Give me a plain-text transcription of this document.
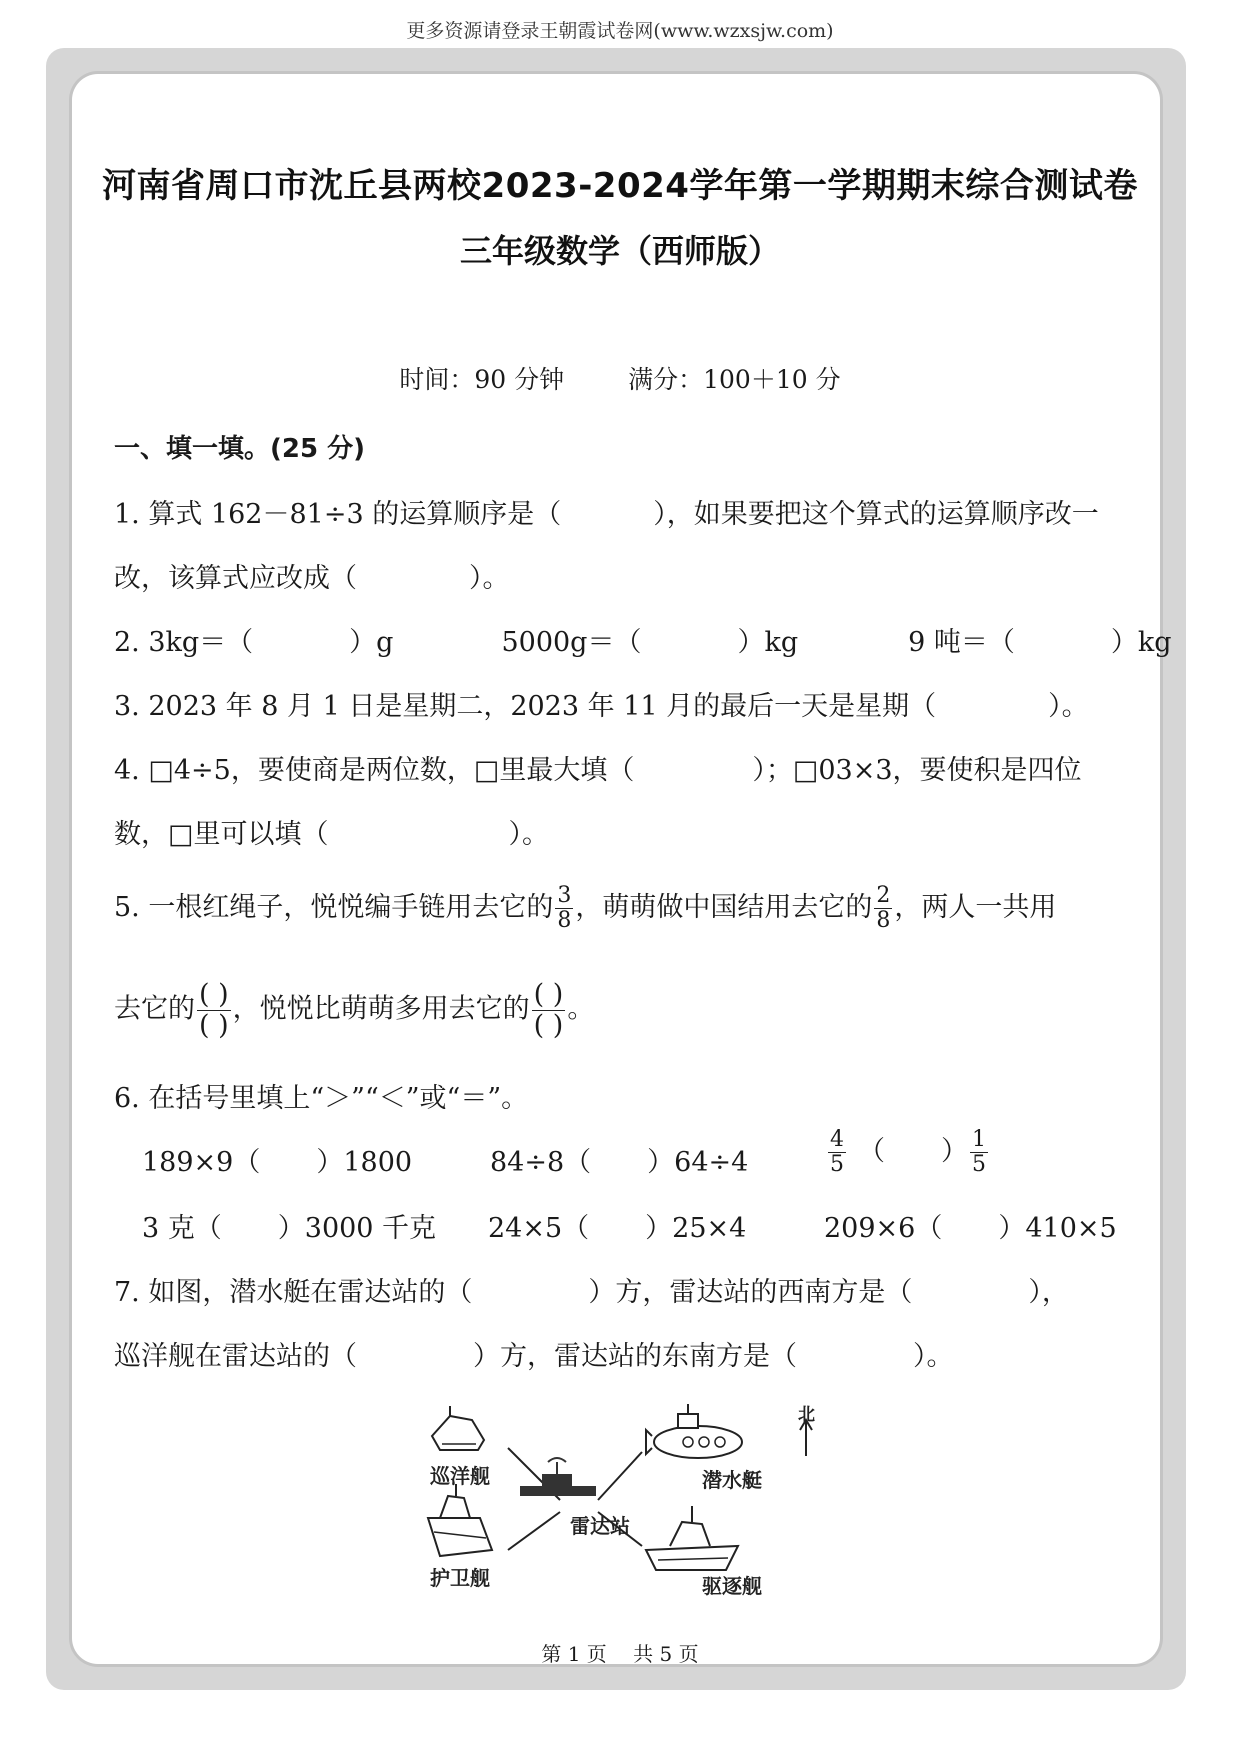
更多资源请登录王朝霞试卷网(www.wzxsjw.com)
河南省周口市沈丘县两校2023-2024学年第一学期期末综合测试卷
三年级数学（西师版）
时间：90 分钟	满分：100＋10 分
一、填一填。(25 分)
1. 算式 162－81÷3 的运算顺序是（	），如果要把这个算式的运算顺序改一
改，该算式应改成（	）。
2. 3kg＝（	）g	5000g＝（	）kg	9 吨＝（	）kg
3. 2023 年 8 月 1 日是星期二，2023 年 11 月的最后一天是星期（	）。
4. □4÷5，要使商是两位数，□里最大填（	）；□03×3，要使积是四位
数，□里可以填（	）。
5. 一根红绳子，悦悦编手链用去它的 $\frac{3}{8}$ ，萌萌做中国结用去它的 $\frac{2}{8}$ ，两人一共用
去它的 $\frac{( )}{( )}$ ，悦悦比萌萌多用去它的 $\frac{( )}{( )}$ 。
6. 在括号里填上“＞”“＜”或“＝”。
189×9（ ）1800	84÷8（ ）64÷4	$\frac{4}{5}$ （ ） $\frac{1}{5}$
3 克（ ）3000 千克 24×5（ ）25×4	209×6（ ）410×5
7. 如图，潜水艇在雷达站的（	）方，雷达站的西南方是（	），
巡洋舰在雷达站的（	）方，雷达站的东南方是（	）。
巡洋舰
护卫舰
雷达站
潜水艇
驱逐舰
北
第 1 页 共 5 页
